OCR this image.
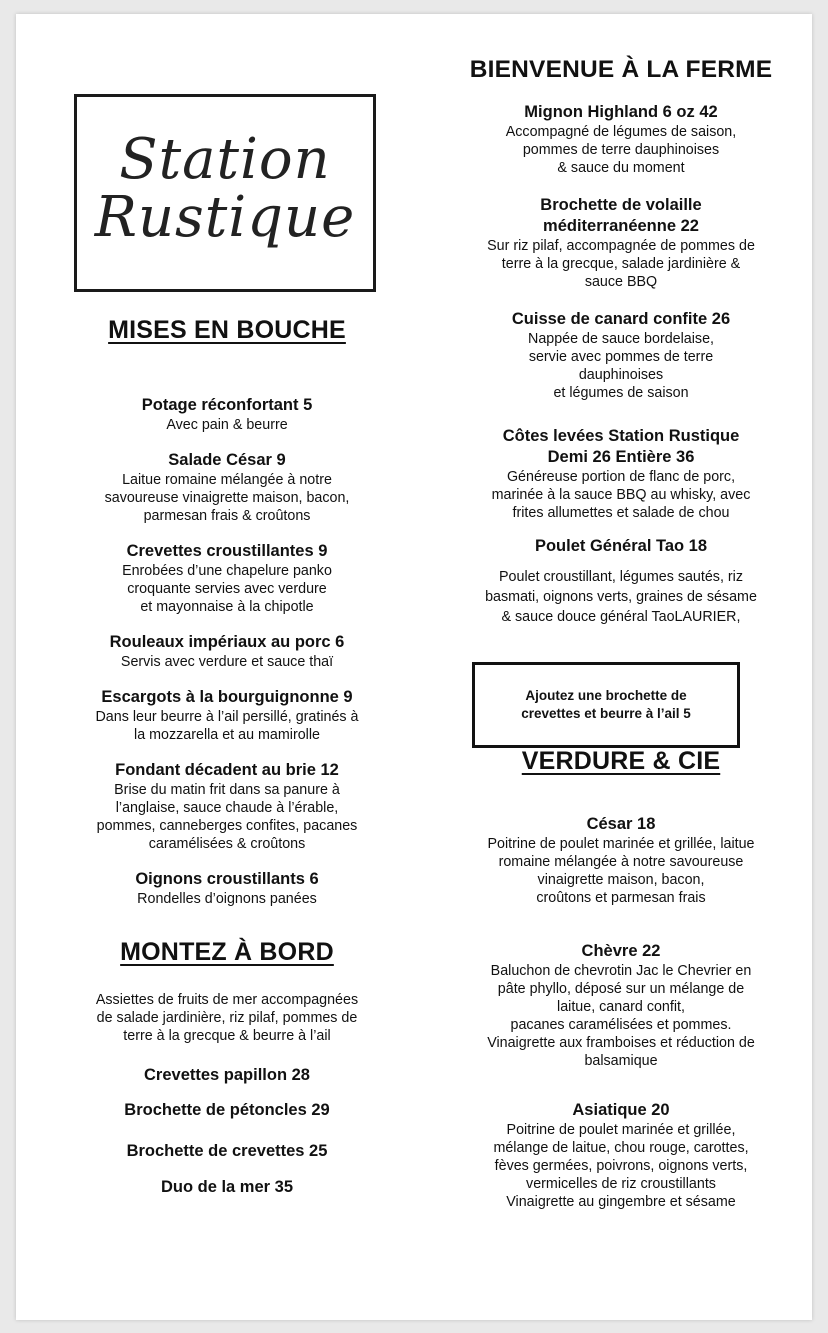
Station
Rustique
MISES EN BOUCHE
Potage réconfortant 5
Avec pain & beurre
Salade César 9
Laitue romaine mélangée à notre
savoureuse vinaigrette maison, bacon,
parmesan frais & croûtons
Crevettes croustillantes 9
Enrobées d’une chapelure panko
croquante servies avec verdure
et mayonnaise à la chipotle
Rouleaux impériaux au porc 6
Servis avec verdure et sauce thaï
Escargots à la bourguignonne 9
Dans leur beurre à l’ail persillé, gratinés à
la mozzarella et au mamirolle
Fondant décadent au brie 12
Brise du matin frit dans sa panure à
l’anglaise, sauce chaude à l’érable,
pommes, canneberges confites, pacanes
caramélisées & croûtons
Oignons croustillants 6
Rondelles d’oignons panées
MONTEZ À BORD
Assiettes de fruits de mer accompagnées
de salade jardinière, riz pilaf, pommes de
terre à la grecque & beurre à l’ail
Crevettes papillon 28
Brochette de pétoncles 29
Brochette de crevettes 25
Duo de la mer 35
BIENVENUE À LA FERME
Mignon Highland 6 oz 42
Accompagné de légumes de saison,
pommes de terre dauphinoises
& sauce du moment
Brochette de volaille
méditerranéenne 22
Sur riz pilaf, accompagnée de pommes de
terre à la grecque, salade jardinière &
sauce BBQ
Cuisse de canard confite 26
Nappée de sauce bordelaise,
servie avec pommes de terre
dauphinoises
et légumes de saison
Côtes levées Station Rustique
Demi 26 Entière 36
Généreuse portion de flanc de porc,
marinée à la sauce BBQ au whisky, avec
frites allumettes et salade de chou
Poulet Général Tao 18
Poulet croustillant, légumes sautés, riz
basmati, oignons verts, graines de sésame
& sauce douce général TaoLAURIER,
VERDURE & CIE
César 18
Poitrine de poulet marinée et grillée, laitue
romaine mélangée à notre savoureuse
vinaigrette maison, bacon,
croûtons et parmesan frais
Chèvre 22
Baluchon de chevrotin Jac le Chevrier en
pâte phyllo, déposé sur un mélange de
laitue, canard confit,
pacanes caramélisées et pommes.
Vinaigrette aux framboises et réduction de
balsamique
Asiatique 20
Poitrine de poulet marinée et grillée,
mélange de laitue, chou rouge, carottes,
fèves germées, poivrons, oignons verts,
vermicelles de riz croustillants
Vinaigrette au gingembre et sésame
Ajoutez une brochette de
crevettes et beurre à l’ail 5
